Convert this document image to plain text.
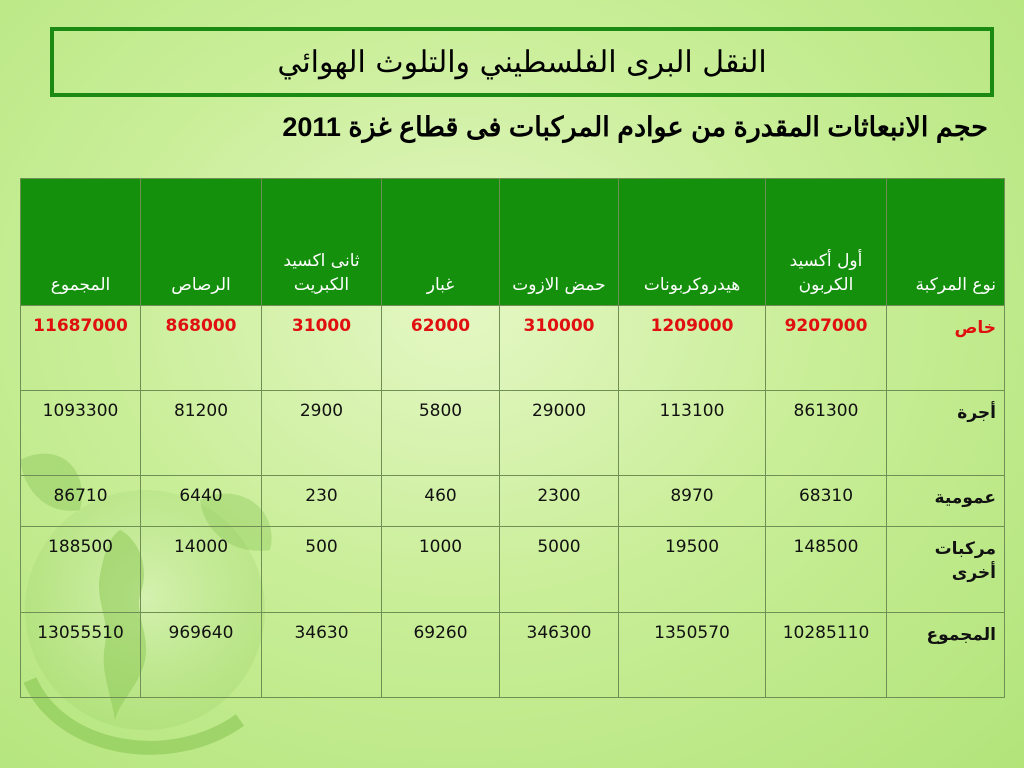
النقل البرى الفلسطيني والتلوث الهوائي
حجم الانبعاثات المقدرة من عوادم المركبات فى قطاع غزة 2011
نوع المركبة	أول أكسيد الكربون	هيدروكربونات	حمض الازوت	غبار	ثانى اكسيد الكبريت	الرصاص	المجموع
خاص	9207000	1209000	310000	62000	31000	868000	11687000
أجرة	861300	113100	29000	5800	2900	81200	1093300
عمومية	68310	8970	2300	460	230	6440	86710
مركبات أخرى	148500	19500	5000	1000	500	14000	188500
المجموع	10285110	1350570	346300	69260	34630	969640	13055510
